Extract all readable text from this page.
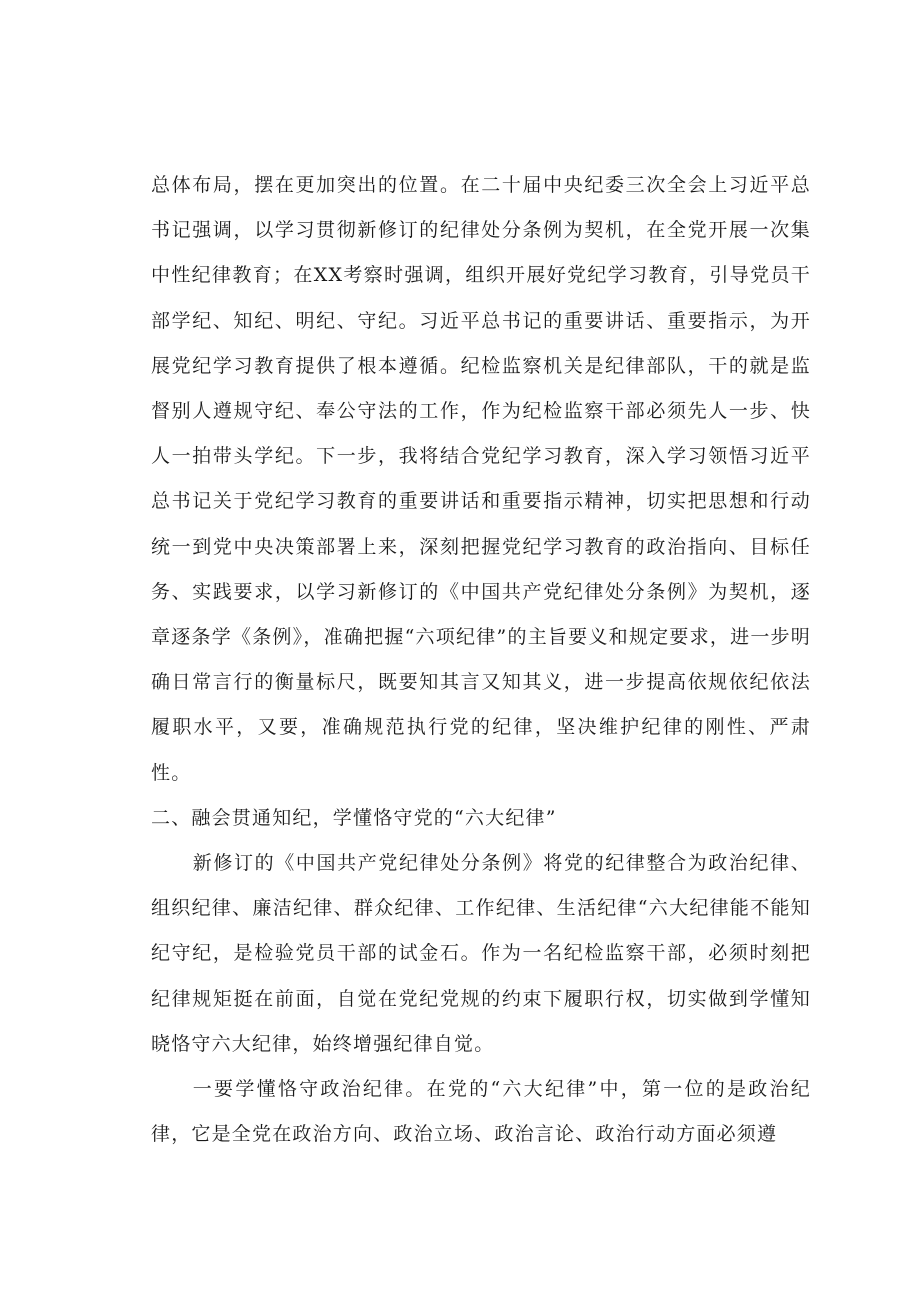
总体布局，摆在更加突出的位置。在二十届中央纪委三次全会上习近平总书记强调，以学习贯彻新修订的纪律处分条例为契机，在全党开展一次集中性纪律教育；在XX考察时强调，组织开展好党纪学习教育，引导党员干部学纪、知纪、明纪、守纪。习近平总书记的重要讲话、重要指示，为开展党纪学习教育提供了根本遵循。纪检监察机关是纪律部队，干的就是监督别人遵规守纪、奉公守法的工作，作为纪检监察干部必须先人一步、快人一拍带头学纪。下一步，我将结合党纪学习教育，深入学习领悟习近平总书记关于党纪学习教育的重要讲话和重要指示精神，切实把思想和行动统一到党中央决策部署上来，深刻把握党纪学习教育的政治指向、目标任务、实践要求，以学习新修订的《中国共产党纪律处分条例》为契机，逐章逐条学《条例》，准确把握“六项纪律”的主旨要义和规定要求，进一步明确日常言行的衡量标尺，既要知其言又知其义，进一步提高依规依纪依法履职水平，又要，准确规范执行党的纪律，坚决维护纪律的刚性、严肃性。

二、融会贯通知纪，学懂恪守党的“六大纪律”

新修订的《中国共产党纪律处分条例》将党的纪律整合为政治纪律、组织纪律、廉洁纪律、群众纪律、工作纪律、生活纪律“六大纪律能不能知纪守纪，是检验党员干部的试金石。作为一名纪检监察干部，必须时刻把纪律规矩挺在前面，自觉在党纪党规的约束下履职行权，切实做到学懂知晓恪守六大纪律，始终增强纪律自觉。

一要学懂恪守政治纪律。在党的“六大纪律”中，第一位的是政治纪律，它是全党在政治方向、政治立场、政治言论、政治行动方面必须遵
